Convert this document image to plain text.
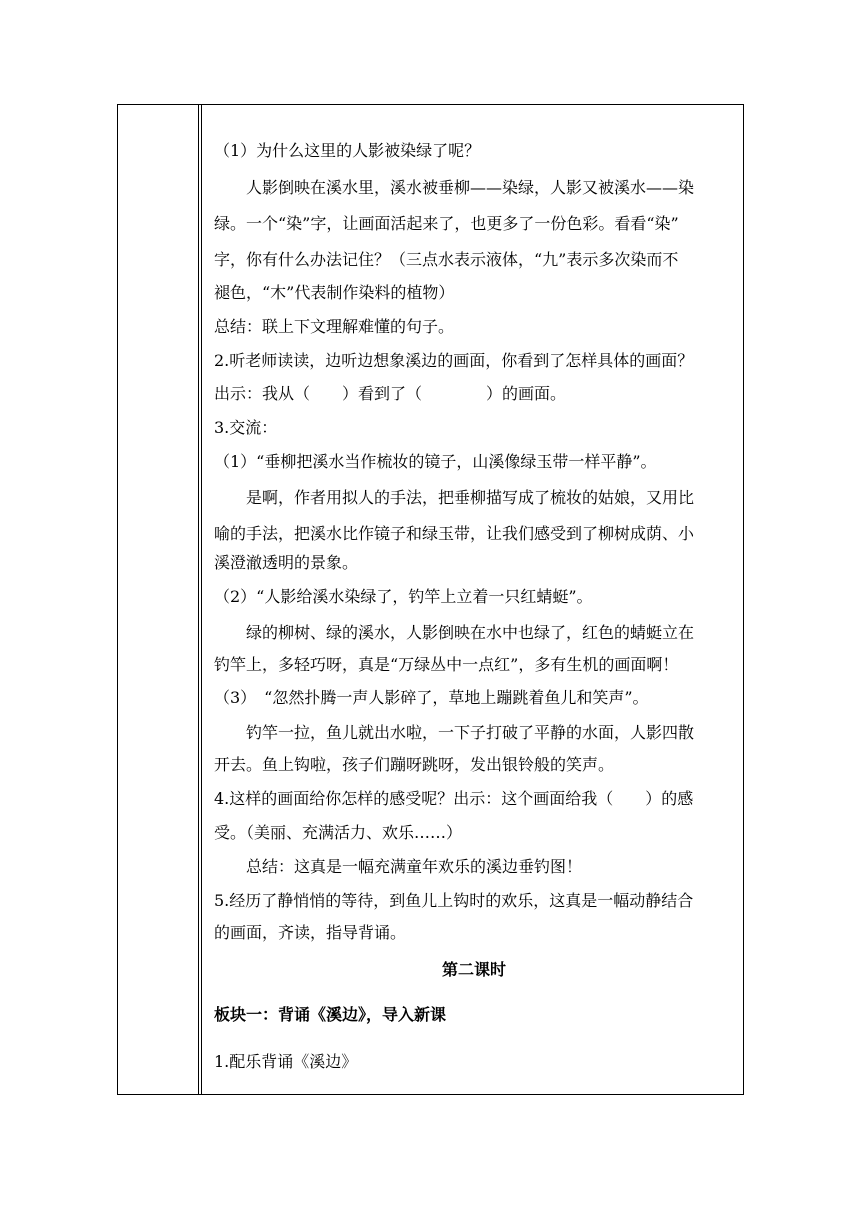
（1）为什么这里的人影被染绿了呢？
　　人影倒映在溪水里，溪水被垂柳——染绿，人影又被溪水——染
绿。一个“染”字，让画面活起来了，也更多了一份色彩。看看“染”
字，你有什么办法记住？（三点水表示液体，“九”表示多次染而不
褪色，“木”代表制作染料的植物）
总结：联上下文理解难懂的句子。
2.听老师读读，边听边想象溪边的画面，你看到了怎样具体的画面？
出示：我从（　　）看到了（　　　　）的画面。
3.交流：
（1）“垂柳把溪水当作梳妆的镜子，山溪像绿玉带一样平静”。
　　是啊，作者用拟人的手法，把垂柳描写成了梳妆的姑娘，又用比
喻的手法，把溪水比作镜子和绿玉带，让我们感受到了柳树成荫、小
溪澄澈透明的景象。
（2）“人影给溪水染绿了，钓竿上立着一只红蜻蜓”。
　　绿的柳树、绿的溪水，人影倒映在水中也绿了，红色的蜻蜓立在
钓竿上，多轻巧呀，真是“万绿丛中一点红”，多有生机的画面啊！
（3）　“忽然扑腾一声人影碎了，草地上蹦跳着鱼儿和笑声”。
　　钓竿一拉，鱼儿就出水啦，一下子打破了平静的水面，人影四散
开去。鱼上钩啦，孩子们蹦呀跳呀，发出银铃般的笑声。
4.这样的画面给你怎样的感受呢？出示：这个画面给我（　　）的感
受。（美丽、充满活力、欢乐……）
　　总结：这真是一幅充满童年欢乐的溪边垂钓图！
5.经历了静悄悄的等待，到鱼儿上钩时的欢乐，这真是一幅动静结合
的画面，齐读，指导背诵。
第二课时
板块一：背诵《溪边》，导入新课
1.配乐背诵《溪边》
